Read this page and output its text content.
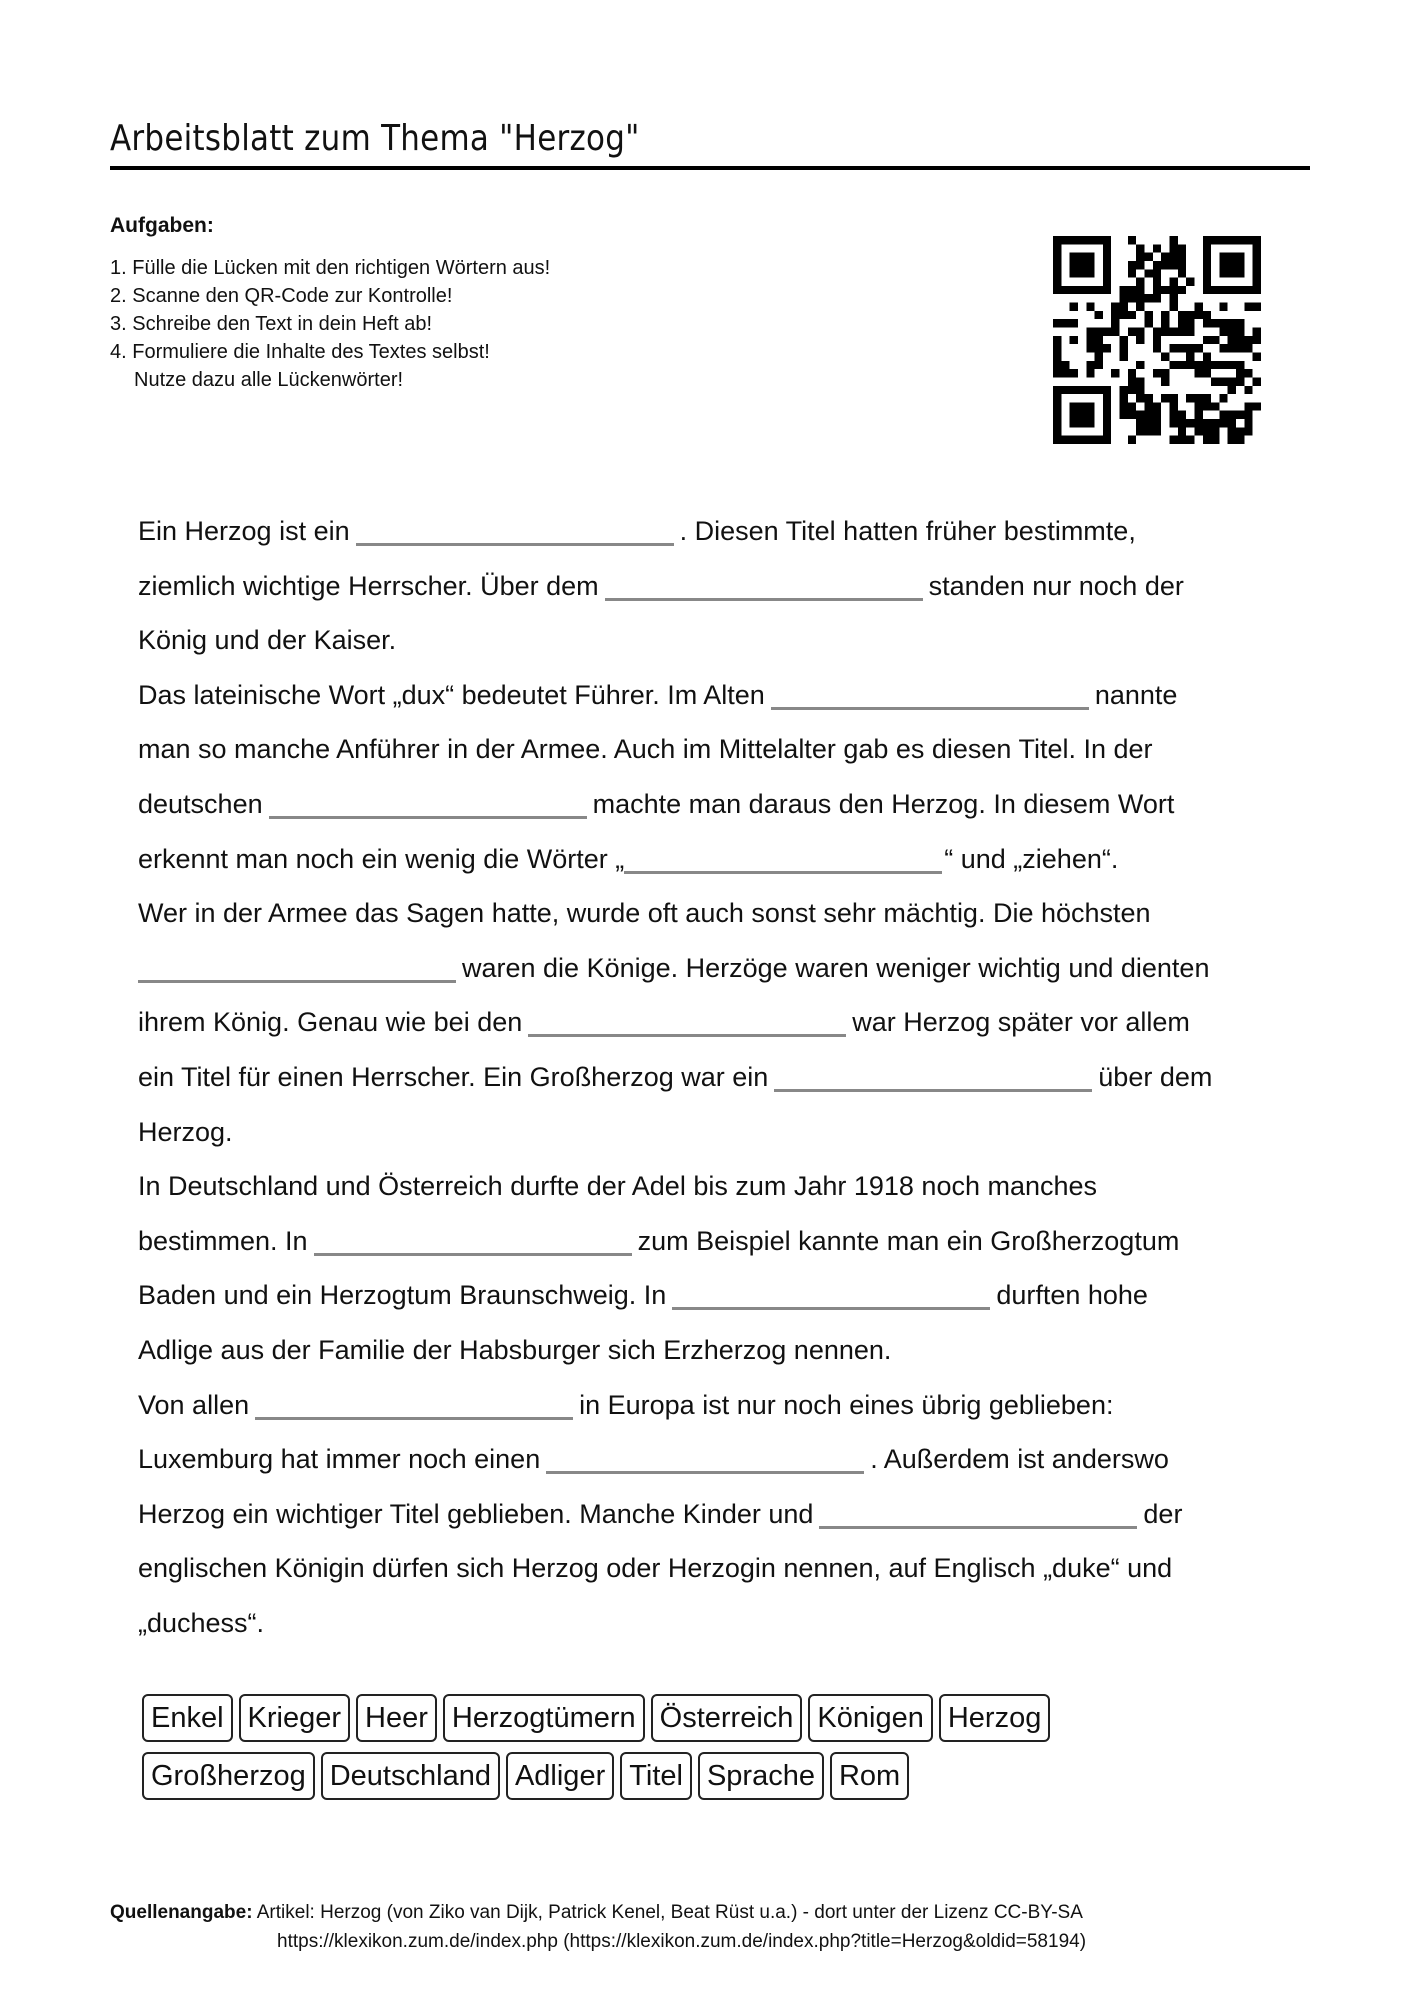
Arbeitsblatt zum Thema "Herzog"
Aufgaben:
1. Fülle die Lücken mit den richtigen Wörtern aus!
2. Scanne den QR-Code zur Kontrolle!
3. Schreibe den Text in dein Heft ab!
4. Formuliere die Inhalte des Textes selbst!
Nutze dazu alle Lückenwörter!
Ein Herzog ist ein	. Diesen Titel hatten früher bestimmte,
ziemlich wichtige Herrscher. Über dem	standen nur noch der
König und der Kaiser.
Das lateinische Wort „dux“ bedeutet Führer. Im Alten	nannte
man so manche Anführer in der Armee. Auch im Mittelalter gab es diesen Titel. In der
deutschen	machte man daraus den Herzog. In diesem Wort
erkennt man noch ein wenig die Wörter „	“ und „ziehen“.
Wer in der Armee das Sagen hatte, wurde oft auch sonst sehr mächtig. Die höchsten
waren die Könige. Herzöge waren weniger wichtig und dienten
ihrem König. Genau wie bei den	war Herzog später vor allem
ein Titel für einen Herrscher. Ein Großherzog war ein	über dem
Herzog.
In Deutschland und Österreich durfte der Adel bis zum Jahr 1918 noch manches
bestimmen. In	zum Beispiel kannte man ein Großherzogtum
Baden und ein Herzogtum Braunschweig. In	durften hohe
Adlige aus der Familie der Habsburger sich Erzherzog nennen.
Von allen	in Europa ist nur noch eines übrig geblieben:
Luxemburg hat immer noch einen	. Außerdem ist anderswo
Herzog ein wichtiger Titel geblieben. Manche Kinder und	der
englischen Königin dürfen sich Herzog oder Herzogin nennen, auf Englisch „duke“ und
„duchess“.
Enkel Krieger Heer Herzogtümern Österreich Königen Herzog
Großherzog Deutschland Adliger Titel Sprache Rom
Quellenangabe: Artikel: Herzog (von Ziko van Dijk, Patrick Kenel, Beat Rüst u.a.) - dort unter der Lizenz CC-BY-SA
https://klexikon.zum.de/index.php (https://klexikon.zum.de/index.php?title=Herzog&oldid=58194)
